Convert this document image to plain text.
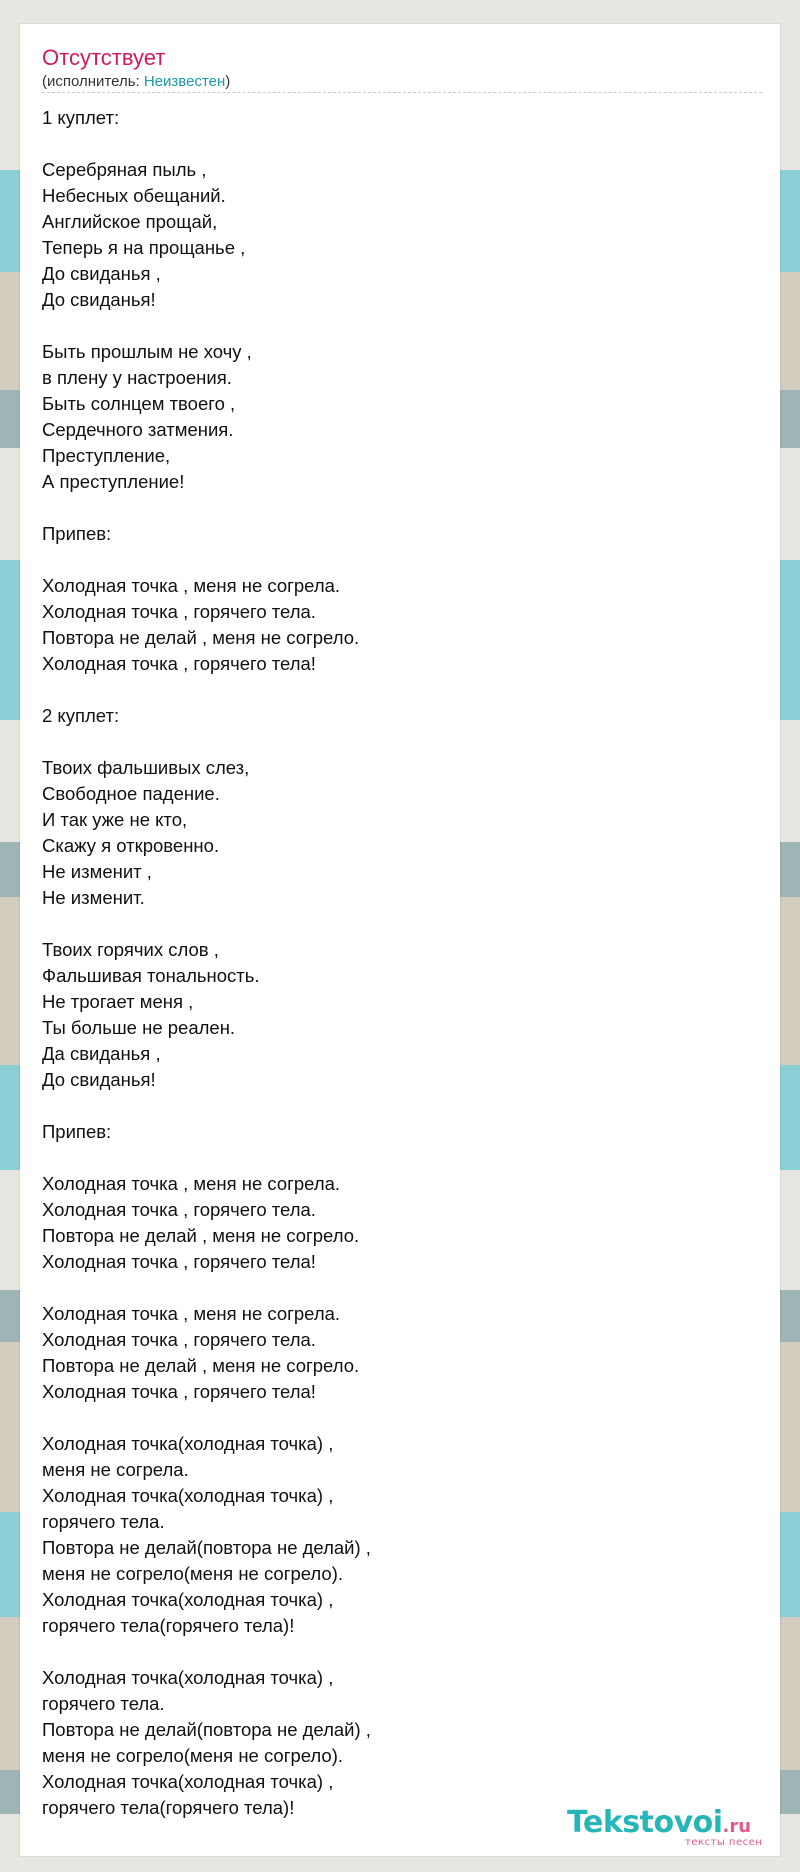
Отсутствует

(исполнитель: Неизвестен)

1 куплет:
Серебряная пыль ,
Небесных обещаний.
Английское прощай,
Теперь я на прощанье ,
До свиданья ,
До свиданья!
Быть прошлым не хочу ,
в плену у настроения.
Быть солнцем твоего ,
Сердечного затмения.
Преступление,
А преступление!
Припев:
Холодная точка , меня не согрела.
Холодная точка , горячего тела.
Повтора не делай , меня не согрело.
Холодная точка , горячего тела!
2 куплет:
Твоих фальшивых слез,
Свободное падение.
И так уже не кто,
Скажу я откровенно.
Не изменит ,
Не изменит.
Твоих горячих слов ,
Фальшивая тональность.
Не трогает меня ,
Ты больше не реален.
Да свиданья ,
До свиданья!
Припев:
Холодная точка , меня не согрела.
Холодная точка , горячего тела.
Повтора не делай , меня не согрело.
Холодная точка , горячего тела!
Холодная точка , меня не согрела.
Холодная точка , горячего тела.
Повтора не делай , меня не согрело.
Холодная точка , горячего тела!
Холодная точка(холодная точка) ,
меня не согрела.
Холодная точка(холодная точка) ,
горячего тела.
Повтора не делай(повтора не делай) ,
меня не согрело(меня не согрело).
Холодная точка(холодная точка) ,
горячего тела(горячего тела)!
Холодная точка(холодная точка) ,
горячего тела.
Повтора не делай(повтора не делай) ,
меня не согрело(меня не согрело).
Холодная точка(холодная точка) ,
горячего тела(горячего тела)!	Tekstovoi.ru
тексты песен
